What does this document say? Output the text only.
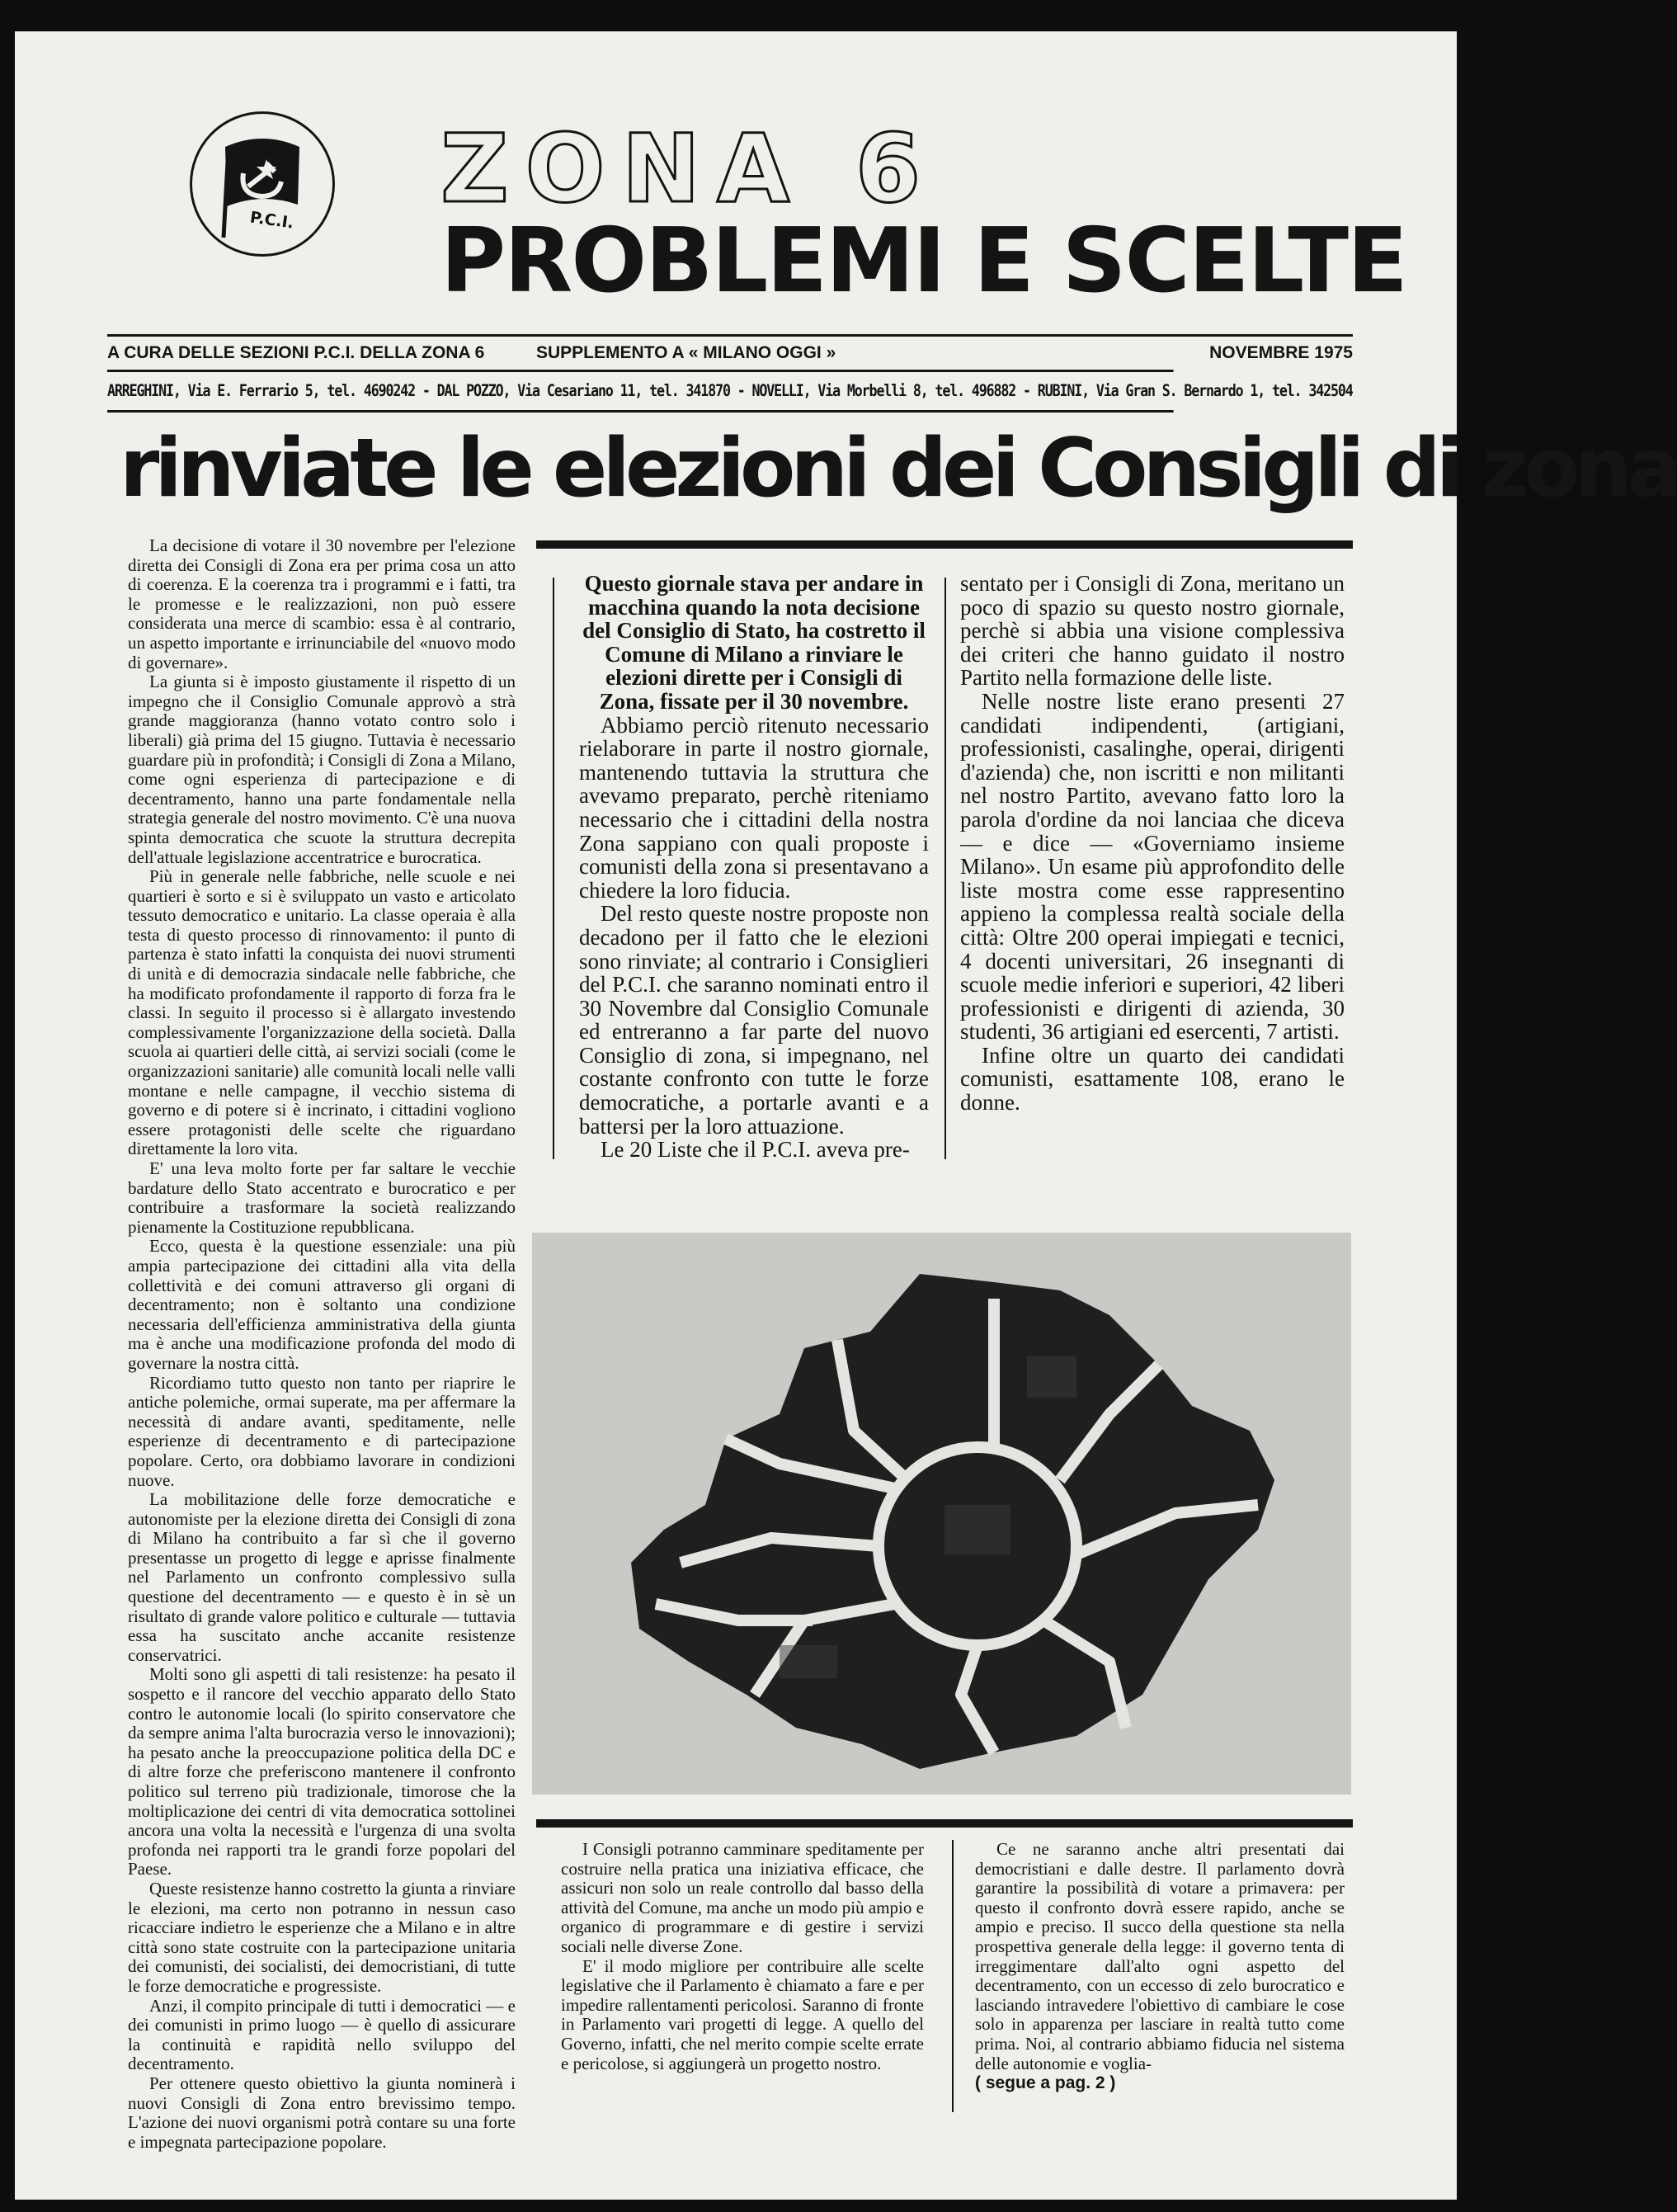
P.C.I. ZONA 6
PROBLEMI E SCELTE
A CURA DELLE SEZIONI P.C.I. DELLA ZONA 6	SUPPLEMENTO A « MILANO OGGI »	NOVEMBRE 1975
ARREGHINI, Via E. Ferrario 5, tel. 4690242 - DAL POZZO, Via Cesariano 11, tel. 341870 - NOVELLI, Via Morbelli 8, tel. 496882 - RUBINI, Via Gran S. Bernardo 1, tel. 342504
rinviate le elezioni dei Consigli di zona

La decisione di votare il 30 novembre per l'elezione diretta dei Consigli di Zona era per prima cosa un atto di coerenza. E la coerenza tra i programmi e i fatti, tra le promesse e le realizzazioni, non può essere considerata una merce di scambio: essa è al contrario, un aspetto importante e irrinunciabile del «nuovo modo di governare».

La giunta si è imposto giustamente il rispetto di un impegno che il Consiglio Comunale approvò a strà grande maggioranza (hanno votato contro solo i liberali) già prima del 15 giugno. Tuttavia è necessario guardare più in profondità; i Consigli di Zona a Milano, come ogni esperienza di partecipazione e di decentramento, hanno una parte fondamentale nella strategia generale del nostro movimento. C'è una nuova spinta democratica che scuote la struttura decrepita dell'attuale legislazione accentratrice e burocratica.

Più in generale nelle fabbriche, nelle scuole e nei quartieri è sorto e si è sviluppato un vasto e articolato tessuto democratico e unitario. La classe operaia è alla testa di questo processo di rinnovamento: il punto di partenza è stato infatti la conquista dei nuovi strumenti di unità e di democrazia sindacale nelle fabbriche, che ha modificato profondamente il rapporto di forza fra le classi. In seguito il processo si è allargato investendo complessivamente l'organizzazione della società. Dalla scuola ai quartieri delle città, ai servizi sociali (come le organizzazioni sanitarie) alle comunità locali nelle valli montane e nelle campagne, il vecchio sistema di governo e di potere si è incrinato, i cittadini vogliono essere protagonisti delle scelte che riguardano direttamente la loro vita.

E' una leva molto forte per far saltare le vecchie bardature dello Stato accentrato e burocratico e per contribuire a trasformare la società realizzando pienamente la Costituzione repubblicana.

Ecco, questa è la questione essenziale: una più ampia partecipazione dei cittadini alla vita della collettività e dei comuni attraverso gli organi di decentramento; non è soltanto una condizione necessaria dell'efficienza amministrativa della giunta ma è anche una modificazione profonda del modo di governare la nostra città.

Ricordiamo tutto questo non tanto per riaprire le antiche polemiche, ormai superate, ma per affermare la necessità di andare avanti, speditamente, nelle esperienze di decentramento e di partecipazione popolare. Certo, ora dobbiamo lavorare in condizioni nuove.

La mobilitazione delle forze democratiche e autonomiste per la elezione diretta dei Consigli di zona di Milano ha contribuito a far sì che il governo presentasse un progetto di legge e aprisse finalmente nel Parlamento un confronto complessivo sulla questione del decentramento — e questo è in sè un risultato di grande valore politico e culturale — tuttavia essa ha suscitato anche accanite resistenze conservatrici.

Molti sono gli aspetti di tali resistenze: ha pesato il sospetto e il rancore del vecchio apparato dello Stato contro le autonomie locali (lo spirito conservatore che da sempre anima l'alta burocrazia verso le innovazioni); ha pesato anche la preoccupazione politica della DC e di altre forze che preferiscono mantenere il confronto politico sul terreno più tradizionale, timorose che la moltiplicazione dei centri di vita democratica sottolinei ancora una volta la necessità e l'urgenza di una svolta profonda nei rapporti tra le grandi forze popolari del Paese.

Queste resistenze hanno costretto la giunta a rinviare le elezioni, ma certo non potranno in nessun caso ricacciare indietro le esperienze che a Milano e in altre città sono state costruite con la partecipazione unitaria dei comunisti, dei socialisti, dei democristiani, di tutte le forze democratiche e progressiste.

Anzi, il compito principale di tutti i democratici — e dei comunisti in primo luogo — è quello di assicurare la continuità e rapidità nello sviluppo del decentramento.

Per ottenere questo obiettivo la giunta nominerà i nuovi Consigli di Zona entro brevissimo tempo. L'azione dei nuovi organismi potrà contare su una forte e impegnata partecipazione popolare.

Questo giornale stava per andare in macchina quando la nota decisione del Consiglio di Stato, ha costretto il Comune di Milano a rinviare le elezioni dirette per i Consigli di Zona, fissate per il 30 novembre.

Abbiamo perciò ritenuto necessario rielaborare in parte il nostro giornale, mantenendo tuttavia la struttura che avevamo preparato, perchè riteniamo necessario che i cittadini della nostra Zona sappiano con quali proposte i comunisti della zona si presentavano a chiedere la loro fiducia.

Del resto queste nostre proposte non decadono per il fatto che le elezioni sono rinviate; al contrario i Consiglieri del P.C.I. che saranno nominati entro il 30 Novembre dal Consiglio Comunale ed entreranno a far parte del nuovo Consiglio di zona, si impegnano, nel costante confronto con tutte le forze democratiche, a portarle avanti e a battersi per la loro attuazione.

Le 20 Liste che il P.C.I. aveva pre-

sentato per i Consigli di Zona, meritano un poco di spazio su questo nostro giornale, perchè si abbia una visione complessiva dei criteri che hanno guidato il nostro Partito nella formazione delle liste.

Nelle nostre liste erano presenti 27 candidati indipendenti, (artigiani, professionisti, casalinghe, operai, dirigenti d'azienda) che, non iscritti e non militanti nel nostro Partito, avevano fatto loro la parola d'ordine da noi lanciaa che diceva — e dice — «Governiamo insieme Milano». Un esame più approfondito delle liste mostra come esse rappresentino appieno la complessa realtà sociale della città: Oltre 200 operai impiegati e tecnici, 4 docenti universitari, 26 insegnanti di scuole medie inferiori e superiori, 42 liberi professionisti e dirigenti di azienda, 30 studenti, 36 artigiani ed esercenti, 7 artisti.

Infine oltre un quarto dei candidati comunisti, esattamente 108, erano le donne.

I Consigli potranno camminare speditamente per costruire nella pratica una iniziativa efficace, che assicuri non solo un reale controllo dal basso della attività del Comune, ma anche un modo più ampio e organico di programmare e di gestire i servizi sociali nelle diverse Zone.

E' il modo migliore per contribuire alle scelte legislative che il Parlamento è chiamato a fare e per impedire rallentamenti pericolosi. Saranno di fronte in Parlamento vari progetti di legge. A quello del Governo, infatti, che nel merito compie scelte errate e pericolose, si aggiungerà un progetto nostro.

Ce ne saranno anche altri presentati dai democristiani e dalle destre. Il parlamento dovrà garantire la possibilità di votare a primavera: per questo il confronto dovrà essere rapido, anche se ampio e preciso. Il succo della questione sta nella prospettiva generale della legge: il governo tenta di irreggimentare dall'alto ogni aspetto del decentramento, con un eccesso di zelo burocratico e lasciando intravedere l'obiettivo di cambiare le cose solo in apparenza per lasciare in realtà tutto come prima. Noi, al contrario abbiamo fiducia nel sistema delle autonomie e voglia-

( segue a pag. 2 )
